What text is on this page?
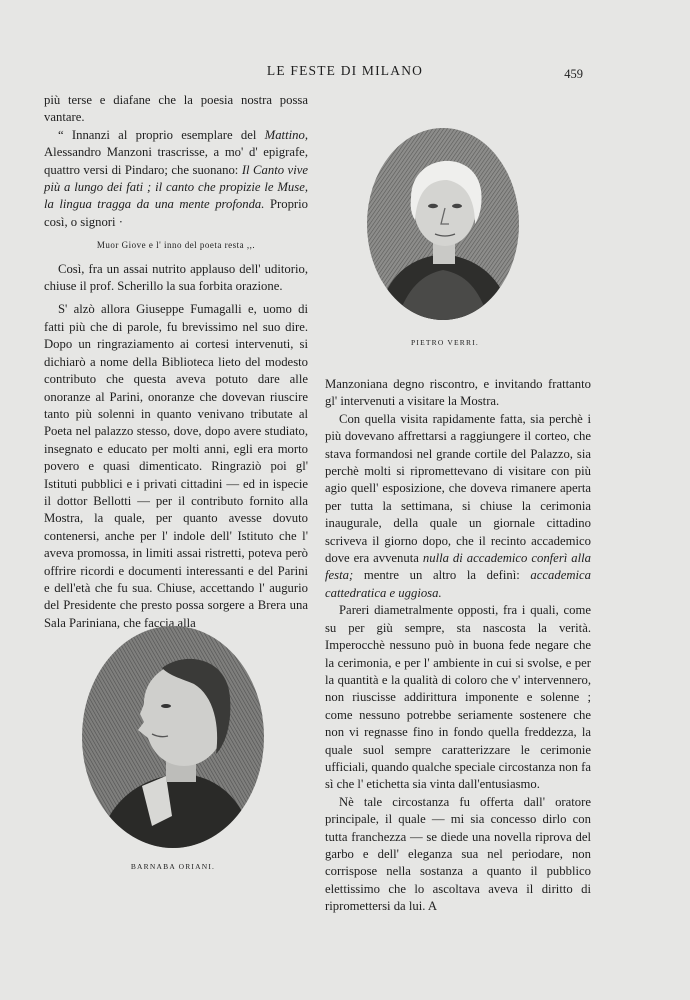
LE FESTE DI MILANO	459

più terse e diafane che la poesia nostra possa vantare.

“ Innanzi al proprio esemplare del Mattino, Alessandro Manzoni trascrisse, a mo' d' epigrafe, quattro versi di Pindaro; che suonano: Il Canto vive più a lungo dei fati ; il canto che propizie le Muse, la lingua tragga da una mente profonda. Proprio così, o signori ·

Muor Giove e l' inno del poeta resta ,,.

Così, fra un assai nutrito applauso dell' uditorio, chiuse il prof. Scherillo la sua forbita orazione.

S' alzò allora Giuseppe Fumagalli e, uomo di fatti più che di parole, fu brevissimo nel suo dire. Dopo un ringraziamento ai cortesi intervenuti, si dichiarò a nome della Biblioteca lieto del modesto contributo che questa aveva potuto dare alle onoranze al Parini, onoranze che dovevan riuscire tanto più solenni in quanto venivano tributate al Poeta nel palazzo stesso, dove, dopo avere studiato, insegnato e educato per molti anni, egli era morto povero e quasi dimenticato. Ringraziò poi gl' Istituti pubblici e i privati cittadini — ed in ispecie il dottor Bellotti — per il contributo fornito alla Mostra, la quale, per quanto avesse dovuto contenersi, anche per l' indole dell' Istituto che l' aveva promossa, in limiti assai ristretti, poteva però offrire ricordi e documenti interessanti e del Parini e dell'età che fu sua. Chiuse, accettando l' augurio del Presidente che presto possa sorgere a Brera una Sala Pariniana, che faccia alla

PIETRO VERRI.
BARNABA ORIANI.

Manzoniana degno riscontro, e invitando frattanto gl' intervenuti a visitare la Mostra.

Con quella visita rapidamente fatta, sia perchè i più dovevano affrettarsi a raggiungere il corteo, che stava formandosi nel grande cortile del Palazzo, sia perchè molti si ripromettevano di visitare con più agio quell' esposizione, che doveva rimanere aperta per tutta la settimana, si chiuse la cerimonia inaugurale, della quale un giornale cittadino scriveva il giorno dopo, che il recinto accademico dove era avvenuta nulla di accademico conferì alla festa; mentre un altro la definì: accademica cattedratica e uggiosa.

Pareri diametralmente opposti, fra i quali, come su per giù sempre, sta nascosta la verità. Imperocchè nessuno può in buona fede negare che la cerimonia, e per l' ambiente in cui si svolse, e per la quantità e la qualità di coloro che v' intervennero, non riuscisse addirittura imponente e solenne ; come nessuno potrebbe seriamente sostenere che non vi regnasse fino in fondo quella freddezza, la quale suol sempre caratterizzare le cerimonie ufficiali, quando qualche speciale circostanza non fa sì che l' etichetta sia vinta dall'entusiasmo.

Nè tale circostanza fu offerta dall' oratore principale, il quale — mi sia concesso dirlo con tutta franchezza — se diede una novella riprova del garbo e dell' eleganza sua nel periodare, non corrispose nella sostanza a quanto il pubblico elettissimo che lo ascoltava aveva il diritto di ripromettersi da lui. A
